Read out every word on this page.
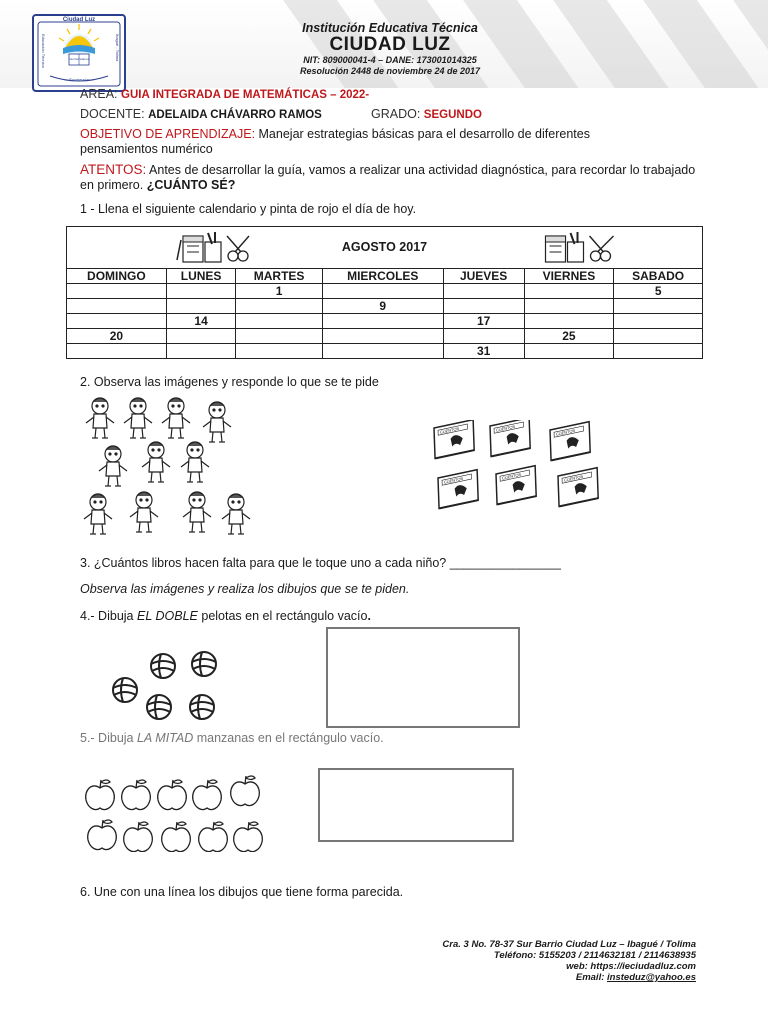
Ciudad Luz
Educación Técnica	Ibagué - Tolima
Ciencia Valores
Excelencia
Institución Educativa Técnica
CIUDAD LUZ
NIT: 809000041-4 – DANE: 173001014325
Resolución 2448 de noviembre 24 de 2017
AREA: GUIA INTEGRADA DE MATEMÁTICAS – 2022-
DOCENTE: ADELAIDA CHÁVARRO RAMOS	GRADO: SEGUNDO
OBJETIVO DE APRENDIZAJE: Manejar estrategias básicas para el desarrollo de diferentes pensamientos numérico
ATENTOS: Antes de desarrollar la guía, vamos a realizar una actividad diagnóstica, para recordar lo trabajado en primero. ¿CUÁNTO SÉ?
1 - Llena el siguiente calendario y pinta de rojo el día de hoy.
AGOSTO 2017						

DOMINGO	LUNES	MARTES	MIERCOLES	JUEVES	VIERNES	SABADO
		1				5
			9			
	14			17		
20					25	
				31		
2. Observa las imágenes y responde lo que se te pide
CUENTOS	CUENTOS	CUENTOS
CUENTOS	CUENTOS	CUENTOS
3. ¿Cuántos libros hacen falta para que le toque uno a cada niño? ________________
Observa las imágenes y realiza los dibujos que se te piden.
4.- Dibuja EL DOBLE pelotas en el rectángulo vacío.
5.- Dibuja LA MITAD manzanas en el rectángulo vacío.
6. Une con una línea los dibujos que tiene forma parecida.
Cra. 3 No. 78-37 Sur Barrio Ciudad Luz – Ibagué / Tolima
Teléfono: 5155203 / 2114632181 / 2114638935
web: https://ieciudadluz.com
Email: insteduz@yahoo.es
